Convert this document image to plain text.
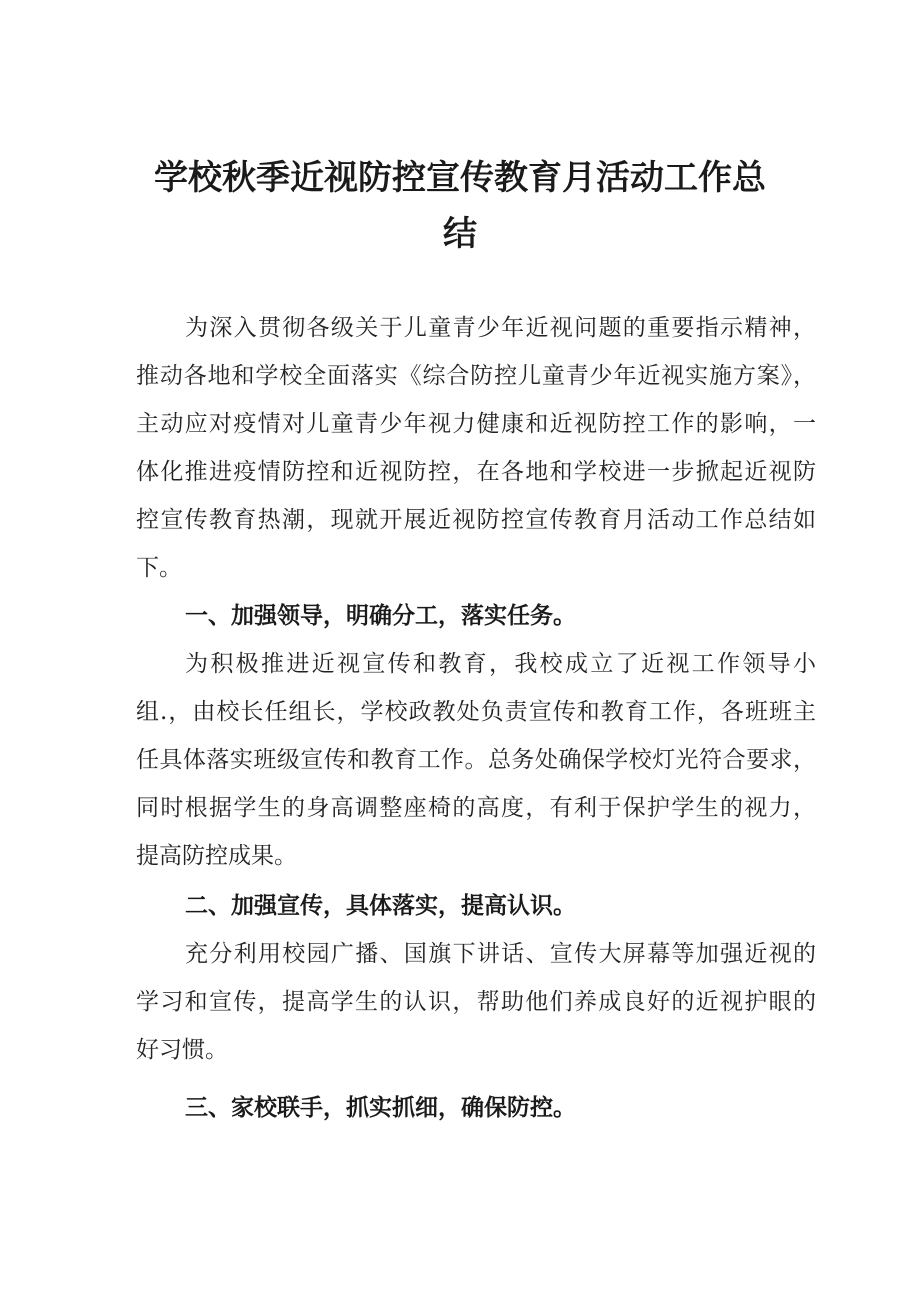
学校秋季近视防控宣传教育月活动工作总
结
为深入贯彻各级关于儿童青少年近视问题的重要指示精神，
推动各地和学校全面落实《综合防控儿童青少年近视实施方案》，
主动应对疫情对儿童青少年视力健康和近视防控工作的影响，一
体化推进疫情防控和近视防控，在各地和学校进一步掀起近视防
控宣传教育热潮，现就开展近视防控宣传教育月活动工作总结如
下。
一、加强领导，明确分工，落实任务。
为积极推进近视宣传和教育，我校成立了近视工作领导小
组.，由校长任组长，学校政教处负责宣传和教育工作，各班班主
任具体落实班级宣传和教育工作。总务处确保学校灯光符合要求，
同时根据学生的身高调整座椅的高度，有利于保护学生的视力，
提高防控成果。
二、加强宣传，具体落实，提高认识。
充分利用校园广播、国旗下讲话、宣传大屏幕等加强近视的
学习和宣传，提高学生的认识，帮助他们养成良好的近视护眼的
好习惯。
三、家校联手，抓实抓细，确保防控。
